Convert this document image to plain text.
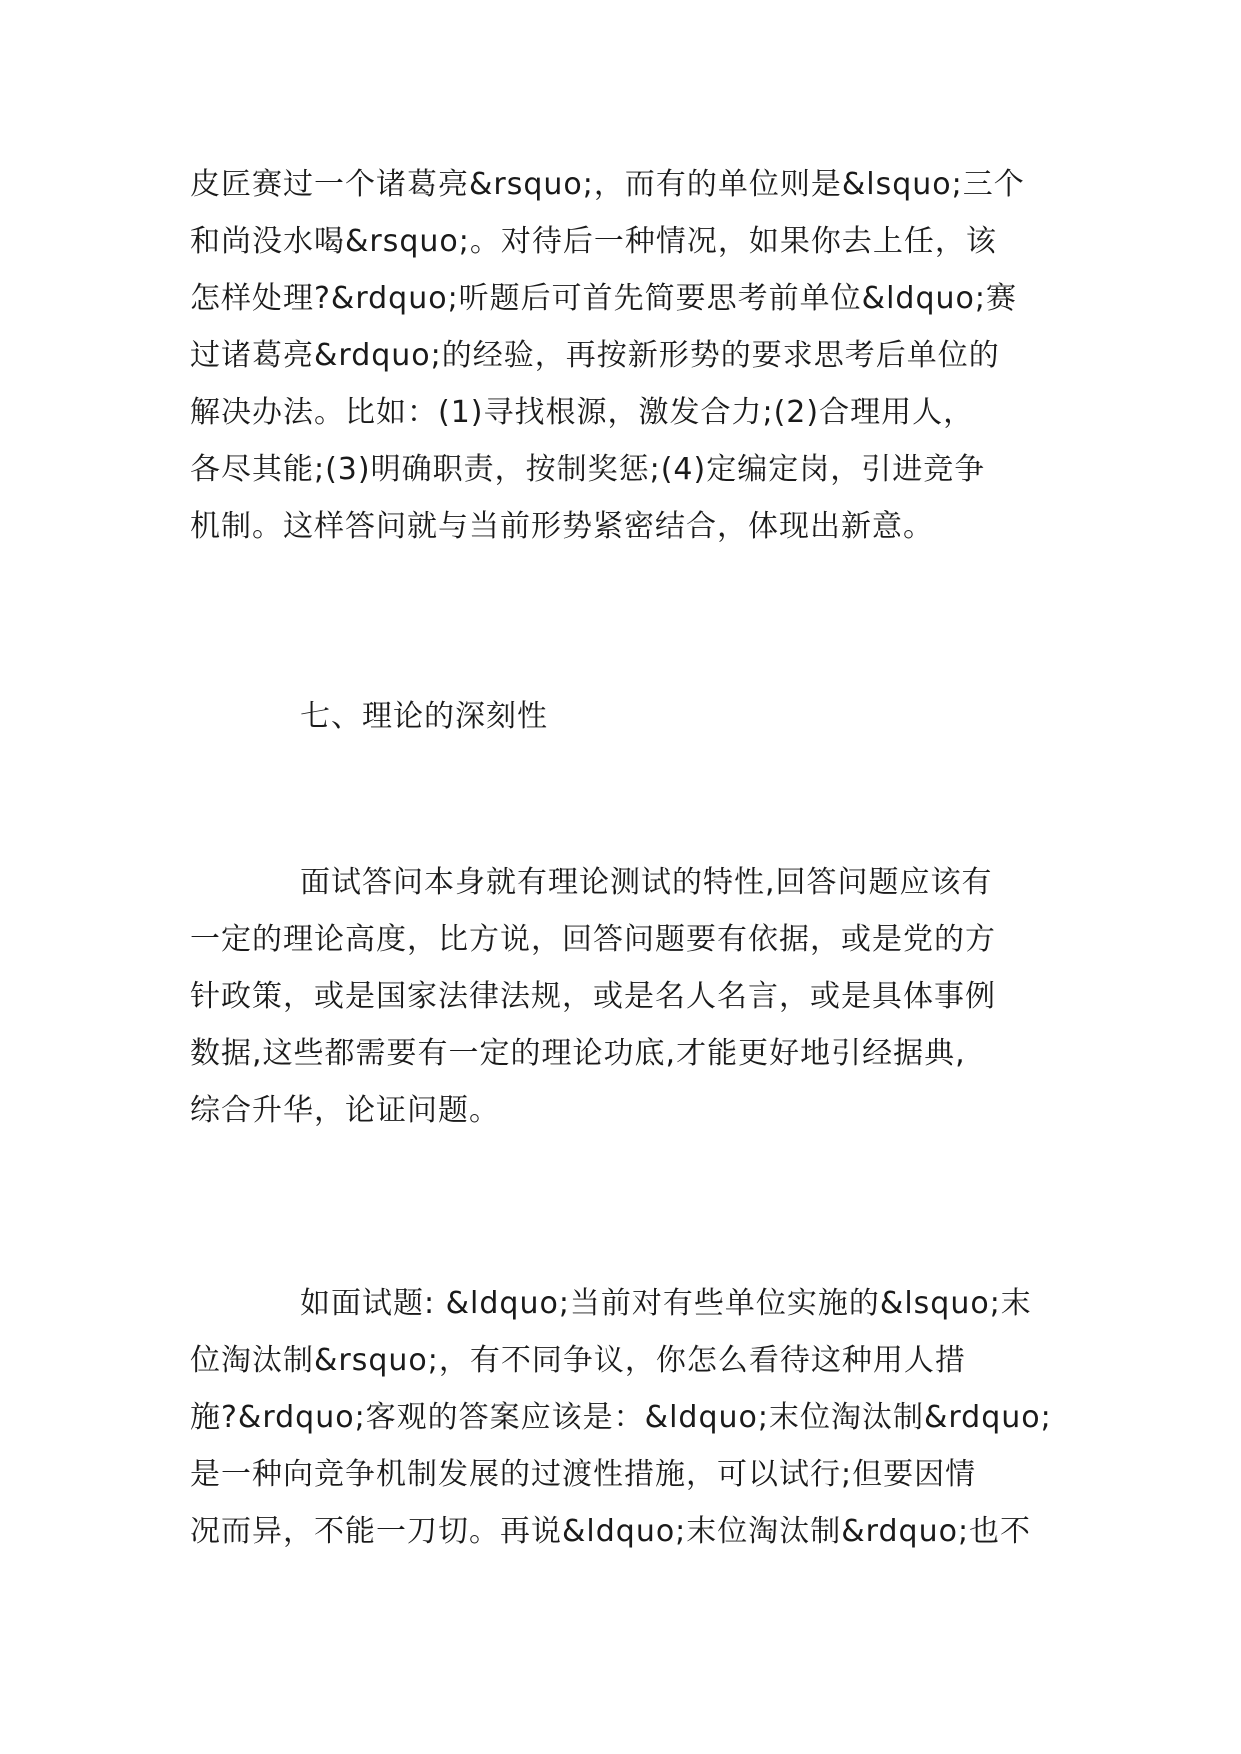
皮匠赛过一个诸葛亮&rsquo;，而有的单位则是&lsquo;三个
和尚没水喝&rsquo;。对待后一种情况，如果你去上任，该
怎样处理?&rdquo;听题后可首先简要思考前单位&ldquo;赛
过诸葛亮&rdquo;的经验，再按新形势的要求思考后单位的
解决办法。比如：(1)寻找根源，激发合力;(2)合理用人，
各尽其能;(3)明确职责，按制奖惩;(4)定编定岗，引进竞争
机制。这样答问就与当前形势紧密结合，体现出新意。

七、理论的深刻性

面试答问本身就有理论测试的特性,回答问题应该有
一定的理论高度，比方说，回答问题要有依据，或是党的方
针政策，或是国家法律法规，或是名人名言，或是具体事例
数据,这些都需要有一定的理论功底,才能更好地引经据典,
综合升华，论证问题。

如面试题: &ldquo;当前对有些单位实施的&lsquo;末
位淘汰制&rsquo;，有不同争议，你怎么看待这种用人措
施?&rdquo;客观的答案应该是：&ldquo;末位淘汰制&rdquo;
是一种向竞争机制发展的过渡性措施，可以试行;但要因情
况而异，不能一刀切。再说&ldquo;末位淘汰制&rdquo;也不
